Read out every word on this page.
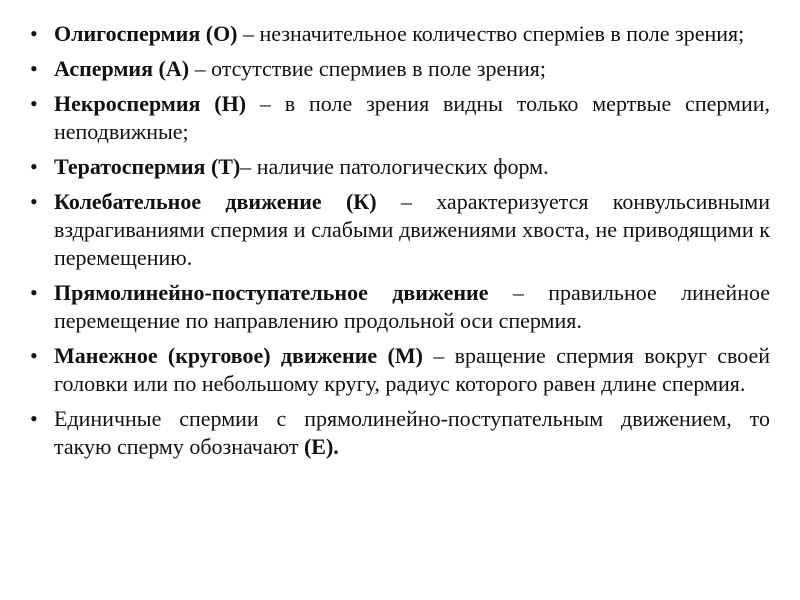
• Олигоспермия (О) – незначительное количество сперміев в поле зрения;
• Аспермия (А) – отсутствие спермиев в поле зрения;
• Некроспермия (Н) – в поле зрения видны только мертвые спермии, неподвижные;
• Тератоспермия (Т)– наличие патологических форм.
• Колебательное движение (К) – характеризуется конвульсивными вздрагиваниями спермия и слабыми движениями хвоста, не приводящими к перемещению.
• Прямолинейно-поступательное движение – правильное линейное перемещение по направлению продольной оси спермия.
• Манежное (круговое) движение (М) – вращение спермия вокруг своей головки или по небольшому кругу, радиус которого равен длине спермия.
• Единичные спермии с прямолинейно-поступательным движением, то такую сперму обозначают (Е).
